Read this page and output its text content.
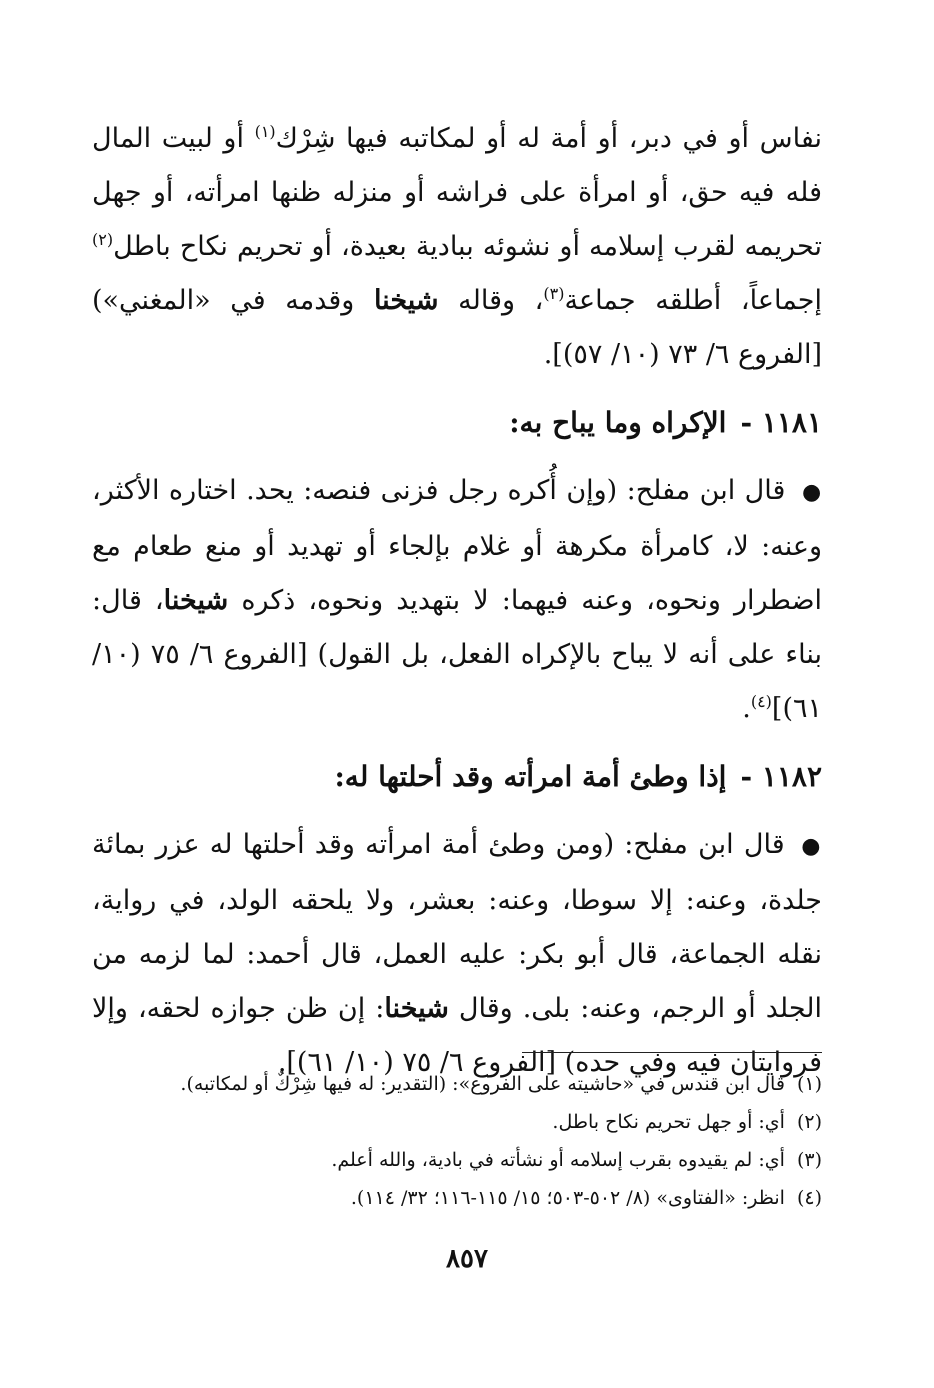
نفاس أو في دبر، أو أمة له أو لمكاتبه فيها شِرْك$^{(١)}$ أو لبيت المال فله فيه حق، أو امرأة على فراشه أو منزله ظنها امرأته، أو جهل تحريمه لقرب إسلامه أو نشوئه ببادية بعيدة، أو تحريم نكاح باطل$^{(٢)}$ إجماعاً، أطلقه جماعة$^{(٣)}$، وقاله شيخنا وقدمه في «المغني») [الفروع ٦/ ٧٣ (١٠/ ٥٧)].

١١٨١ -الإكراه وما يباح به:

● قال ابن مفلح: (وإن أُكره رجل فزنى فنصه: يحد. اختاره الأكثر، وعنه: لا، كامرأة مكرهة أو غلام بإلجاء أو تهديد أو منع طعام مع اضطرار ونحوه، وعنه فيهما: لا بتهديد ونحوه، ذكره شيخنا، قال: بناء على أنه لا يباح بالإكراه الفعل، بل القول) [الفروع ٦/ ٧٥ (١٠/ ٦١)]$^{(٤)}$.

١١٨٢ -إذا وطئ أمة امرأته وقد أحلتها له:

● قال ابن مفلح: (ومن وطئ أمة امرأته وقد أحلتها له عزر بمائة جلدة، وعنه: إلا سوطا، وعنه: بعشر، ولا يلحقه الولد، في رواية، نقله الجماعة، قال أبو بكر: عليه العمل، قال أحمد: لما لزمه من الجلد أو الرجم، وعنه: بلى. وقال شيخنا: إن ظن جوازه لحقه، وإلا فروايتان فيه وفي حده) [الفروع ٦/ ٧٥ (١٠/ ٦١)].

(١)قال ابن قندس في «حاشيته على الفروع»: (التقدير: له فيها شِرْكٌ أو لمكاتبه).

(٢)أي: أو جهل تحريم نكاح باطل.

(٣)أي: لم يقيدوه بقرب إسلامه أو نشأته في بادية، والله أعلم.

(٤)انظر: «الفتاوى» (٨/ ٥٠٢-٥٠٣؛ ١٥/ ١١٥-١١٦؛ ٣٢/ ١١٤).

٨٥٧
